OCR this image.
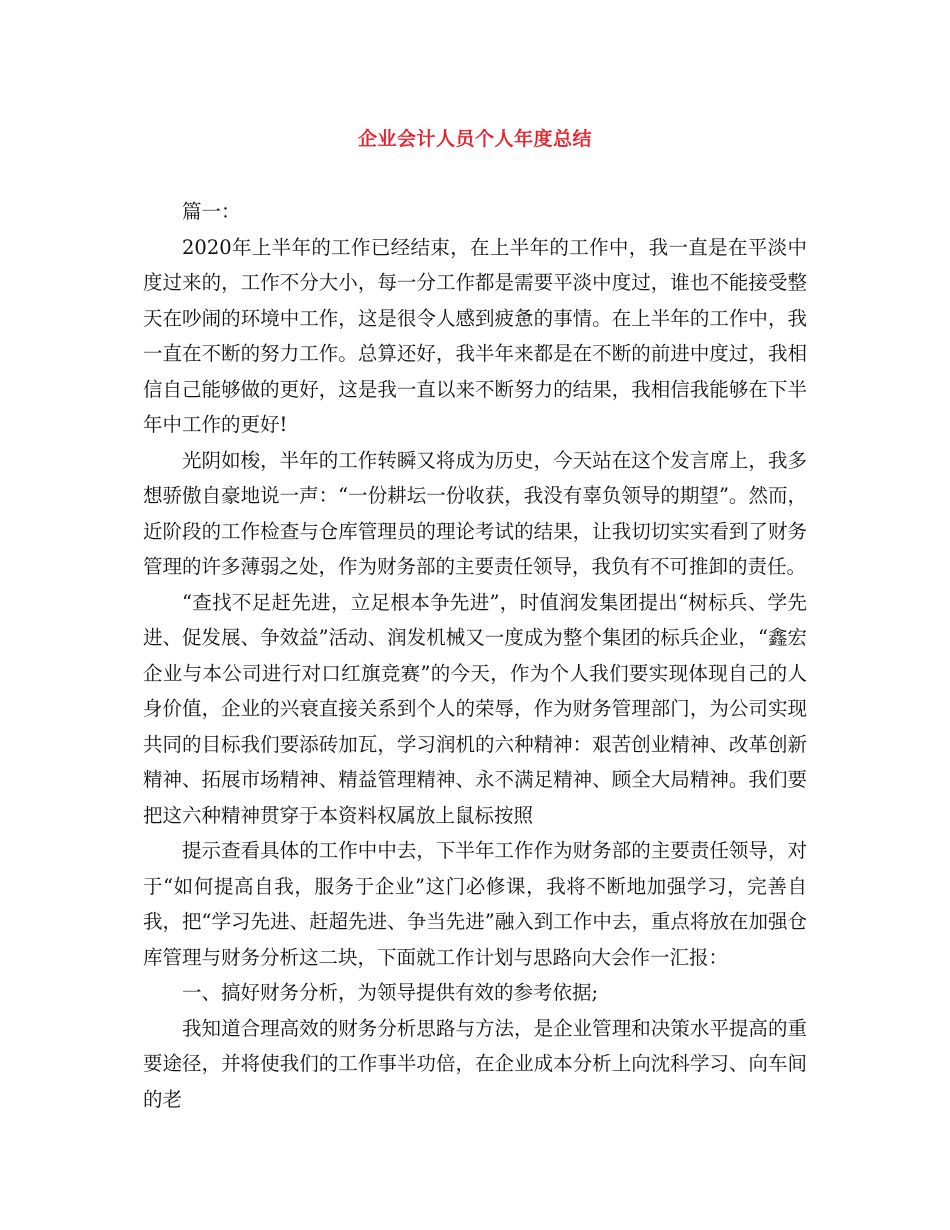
企业会计人员个人年度总结

篇一：

2020年上半年的工作已经结束，在上半年的工作中，我一直是在平淡中度过来的，工作不分大小，每一分工作都是需要平淡中度过，谁也不能接受整天在吵闹的环境中工作，这是很令人感到疲惫的事情。在上半年的工作中，我一直在不断的努力工作。总算还好，我半年来都是在不断的前进中度过，我相信自己能够做的更好，这是我一直以来不断努力的结果，我相信我能够在下半年中工作的更好!

光阴如梭，半年的工作转瞬又将成为历史，今天站在这个发言席上，我多想骄傲自豪地说一声：“一份耕坛一份收获，我没有辜负领导的期望”。然而，近阶段的工作检查与仓库管理员的理论考试的结果，让我切切实实看到了财务管理的许多薄弱之处，作为财务部的主要责任领导，我负有不可推卸的责任。

“查找不足赶先进，立足根本争先进”，时值润发集团提出“树标兵、学先进、促发展、争效益”活动、润发机械又一度成为整个集团的标兵企业，“鑫宏企业与本公司进行对口红旗竞赛”的今天，作为个人我们要实现体现自己的人身价值，企业的兴衰直接关系到个人的荣辱，作为财务管理部门，为公司实现共同的目标我们要添砖加瓦，学习润机的六种精神：艰苦创业精神、改革创新精神、拓展市场精神、精益管理精神、永不满足精神、顾全大局精神。我们要把这六种精神贯穿于本资料权属放上鼠标按照

提示查看具体的工作中中去，下半年工作作为财务部的主要责任领导，对于“如何提高自我，服务于企业”这门必修课，我将不断地加强学习，完善自我，把“学习先进、赶超先进、争当先进”融入到工作中去，重点将放在加强仓库管理与财务分析这二块，下面就工作计划与思路向大会作一汇报：

一、搞好财务分析，为领导提供有效的参考依据;

我知道合理高效的财务分析思路与方法，是企业管理和决策水平提高的重要途径，并将使我们的工作事半功倍，在企业成本分析上向沈科学习、向车间的老
